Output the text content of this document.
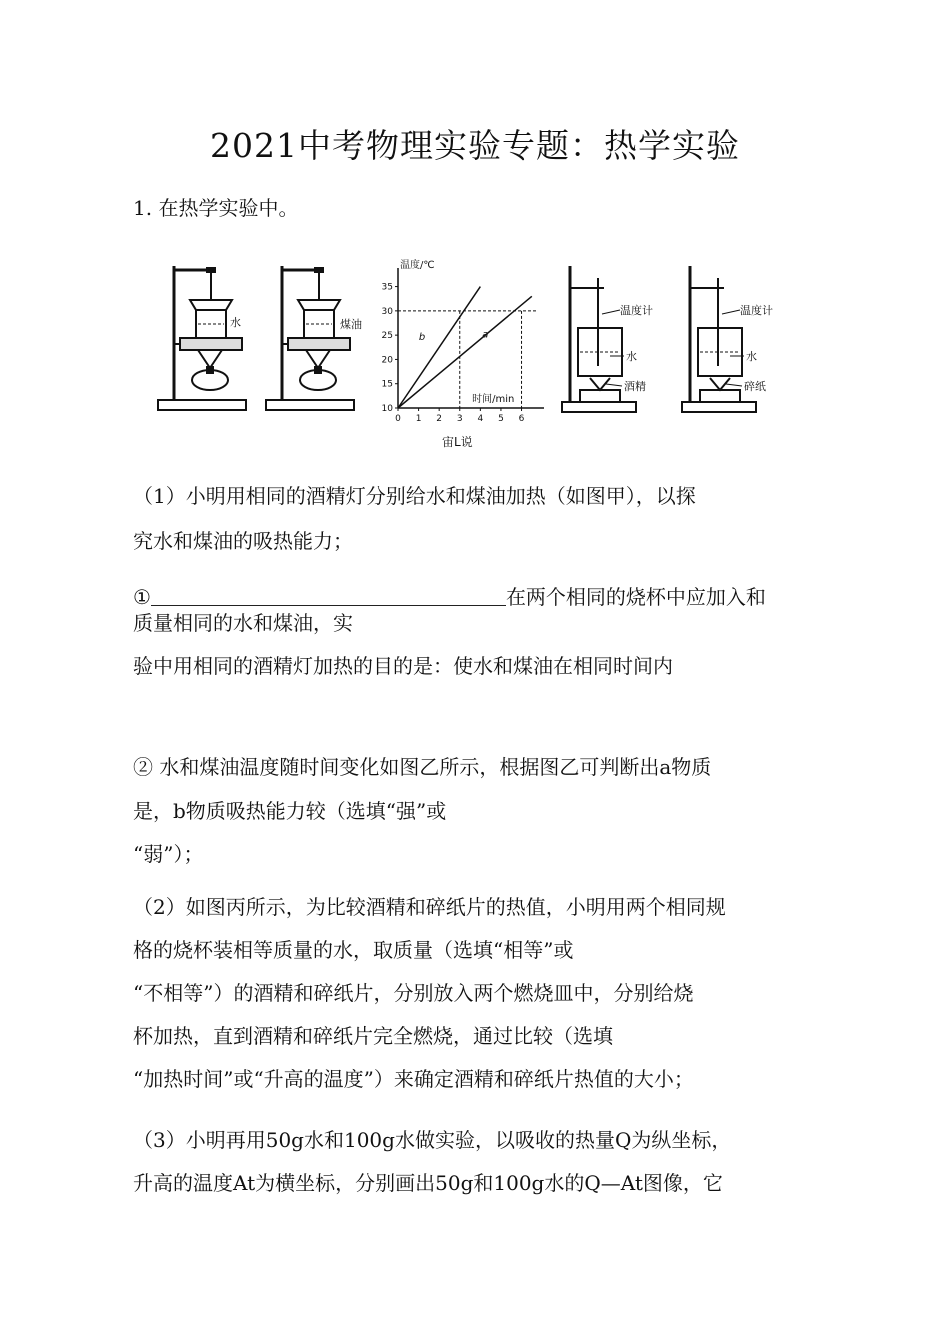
2021中考物理实验专题：热学实验
1. 在热学实验中。
水	煤油
温度/℃
时间/min
10
15
20
25
30
35
0 1 2 3 4 5 6
b	a
宙L说
温度计
水
酒精
温度计
水
碎纸
（1）小明用相同的酒精灯分别给水和煤油加热（如图甲），以探
究水和煤油的吸热能力；
①	在两个相同的烧杯中应加入和
质量相同的水和煤油，实
验中用相同的酒精灯加热的目的是：使水和煤油在相同时间内
② 水和煤油温度随时间变化如图乙所示，根据图乙可判断出a物质
是，b物质吸热能力较（选填“强”或
“弱”）；
（2）如图丙所示，为比较酒精和碎纸片的热值，小明用两个相同规
格的烧杯装相等质量的水，取质量（选填“相等”或
“不相等”）的酒精和碎纸片，分别放入两个燃烧皿中，分别给烧
杯加热，直到酒精和碎纸片完全燃烧，通过比较（选填
“加热时间”或“升高的温度”）来确定酒精和碎纸片热值的大小；
（3）小明再用50g水和100g水做实验，以吸收的热量Q为纵坐标，
升高的温度At为横坐标，分别画出50g和100g水的Q—At图像，它
